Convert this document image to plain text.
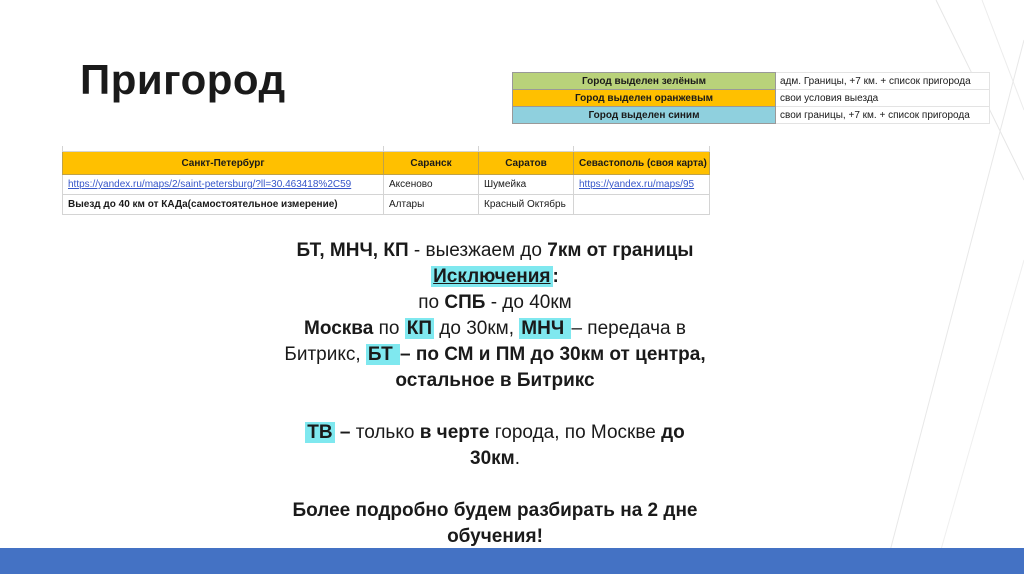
Пригород	Город выделен зелёным	адм. Границы, +7 км. + список пригорода
Город выделен оранжевым	свои условия выезда
Город выделен синим	свои границы, +7 км. + список пригорода

Санкт-Петербург	Саранск	Саратов	Севастополь (своя карта)
https://yandex.ru/maps/2/saint-petersburg/?ll=30.463418%2C59	Аксеново	Шумейка	https://yandex.ru/maps/95
Выезд до 40 км от КАДа(самостоятельное измерение)	Алтары	Красный Октябрь	

БТ, МНЧ, КП - выезжаем до 7км от границы

Исключения :

по СПБ - до 40км

Москва по КП до 30км, МНЧ – передача в

Битрикс, БТ – по СМ и ПМ до 30км от центра,

остальное в Битрикс

ТВ – только в черте города, по Москве до

30км.

Более подробно будем разбирать на 2 дне

обучения!
